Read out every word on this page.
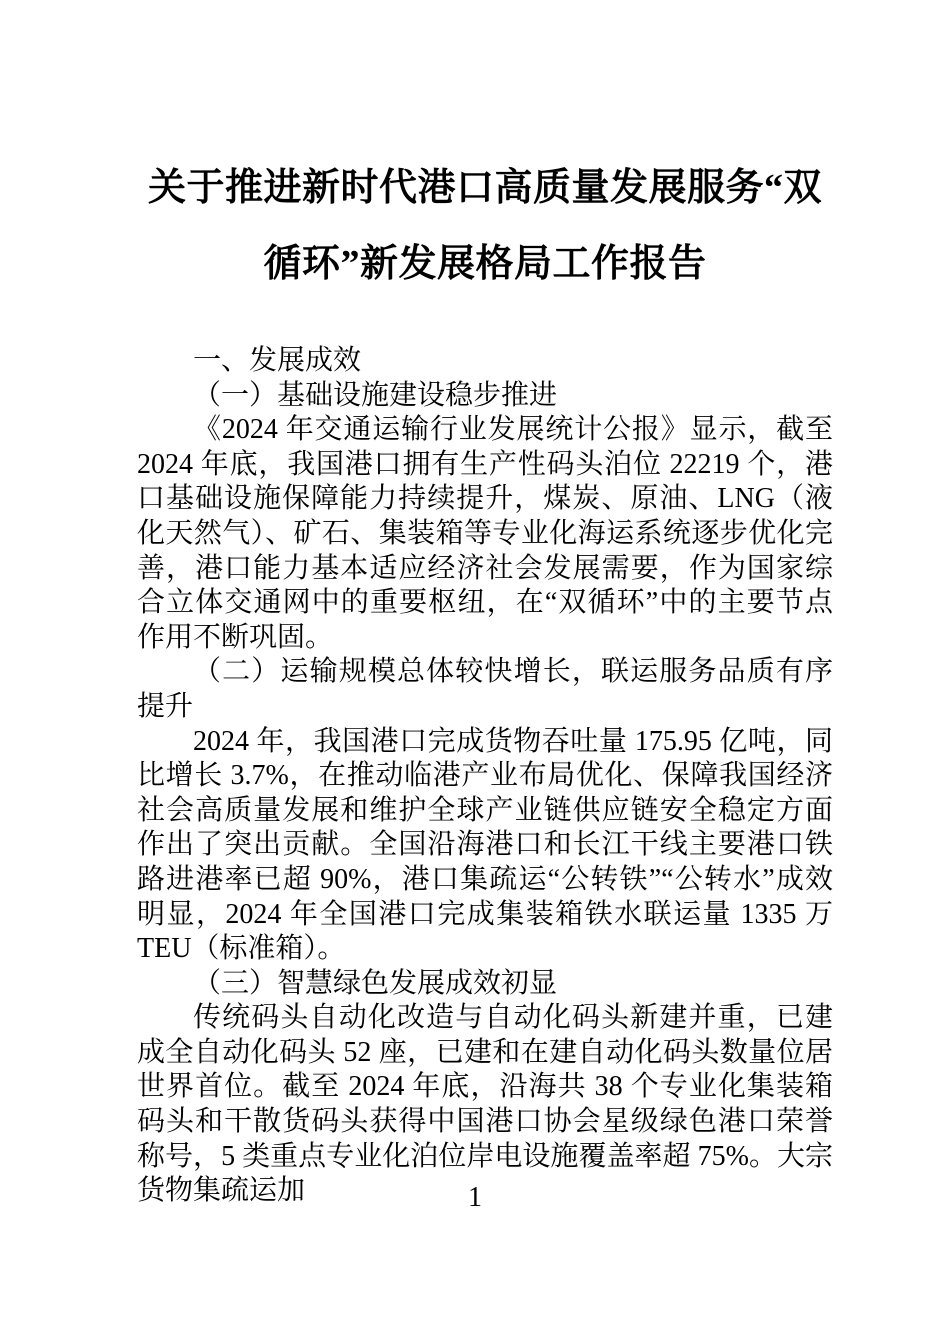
关于推进新时代港口高质量发展服务“双
循环”新发展格局工作报告

一、发展成效

（一）基础设施建设稳步推进

《2024 年交通运输行业发展统计公报》显示，截至 2024 年底，我国港口拥有生产性码头泊位 22219 个，港口基础设施保障能力持续提升，煤炭、原油、LNG（液化天然气）、矿石、集装箱等专业化海运系统逐步优化完善，港口能力基本适应经济社会发展需要，作为国家综合立体交通网中的重要枢纽，在“双循环”中的主要节点作用不断巩固。

（二）运输规模总体较快增长，联运服务品质有序提升

2024 年，我国港口完成货物吞吐量 175.95 亿吨，同比增长 3.7%，在推动临港产业布局优化、保障我国经济社会高质量发展和维护全球产业链供应链安全稳定方面作出了突出贡献。全国沿海港口和长江干线主要港口铁路进港率已超 90%，港口集疏运“公转铁”“公转水”成效明显，2024 年全国港口完成集装箱铁水联运量 1335 万 TEU（标准箱）。

（三）智慧绿色发展成效初显

传统码头自动化改造与自动化码头新建并重，已建成全自动化码头 52 座，已建和在建自动化码头数量位居世界首位。截至 2024 年底，沿海共 38 个专业化集装箱码头和干散货码头获得中国港口协会星级绿色港口荣誉称号，5 类重点专业化泊位岸电设施覆盖率超 75%。大宗货物集疏运加	1
